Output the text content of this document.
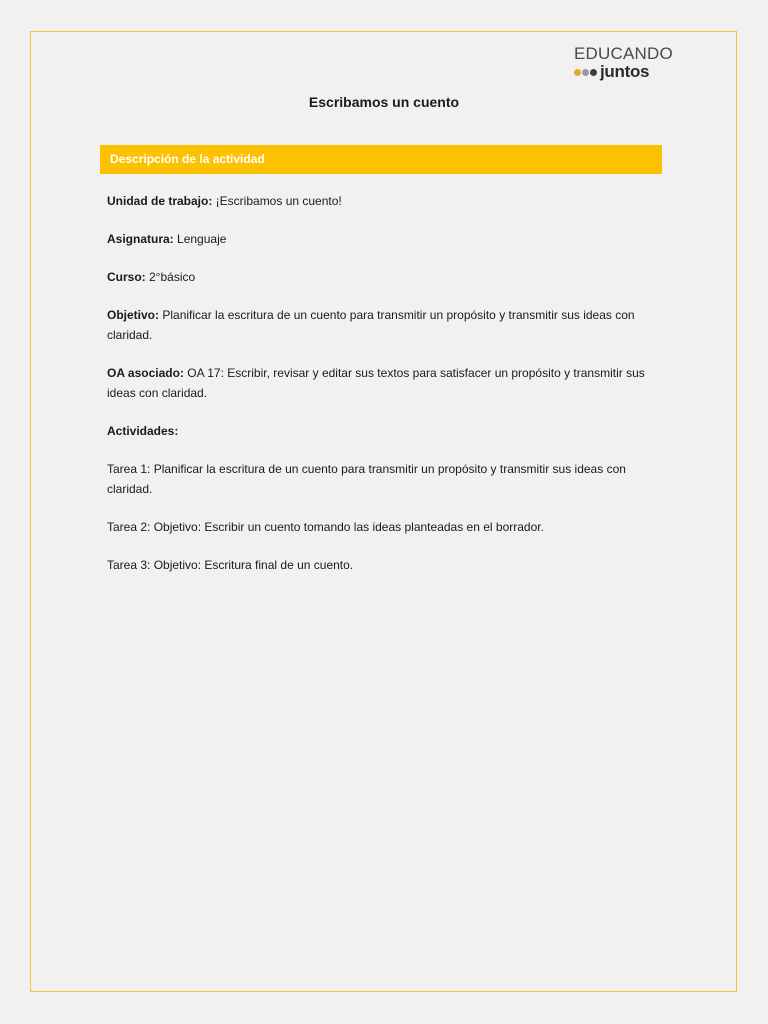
EDUCANDO
juntos
Escribamos un cuento
Descripción de la actividad

Unidad de trabajo: ¡Escribamos un cuento!

Asignatura: Lenguaje

Curso: 2°básico

Objetivo: Planificar la escritura de un cuento para transmitir un propósito y transmitir sus ideas con claridad.

OA asociado: OA 17: Escribir, revisar y editar sus textos para satisfacer un propósito y transmitir sus ideas con claridad.

Actividades:

Tarea 1: Planificar la escritura de un cuento para transmitir un propósito y transmitir sus ideas con claridad.

Tarea 2: Objetivo: Escribir un cuento tomando las ideas planteadas en el borrador.

Tarea 3: Objetivo: Escritura final de un cuento.
